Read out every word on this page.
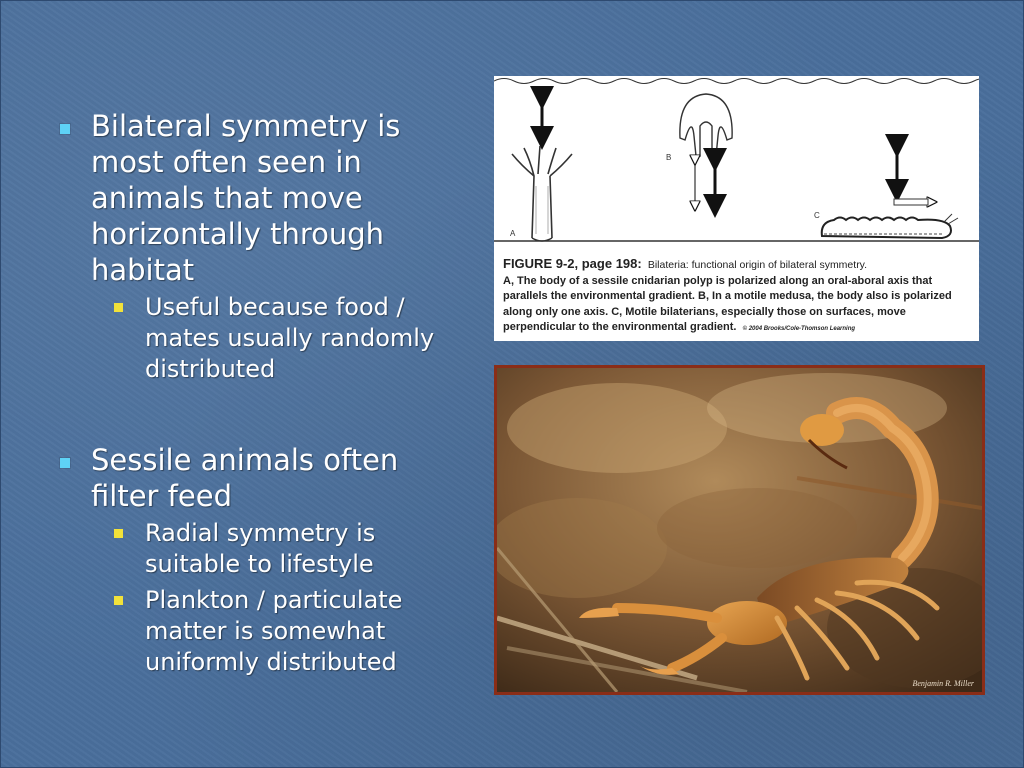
Bilateral symmetry is most often seen in animals that move horizontally through habitat
Useful because food / mates usually randomly distributed
Sessile animals often filter feed
Radial symmetry is suitable to lifestyle
Plankton / particulate matter is somewhat uniformly distributed
A
B
C
FIGURE 9-2, page 198: Bilateria: functional origin of bilateral symmetry.
A, The body of a sessile cnidarian polyp is polarized along an oral-aboral axis that
parallels the environmental gradient. B, In a motile medusa, the body also is polarized
along only one axis. C, Motile bilaterians, especially those on surfaces, move
perpendicular to the environmental gradient. © 2004 Brooks/Cole-Thomson Learning
Benjamin R. Miller
